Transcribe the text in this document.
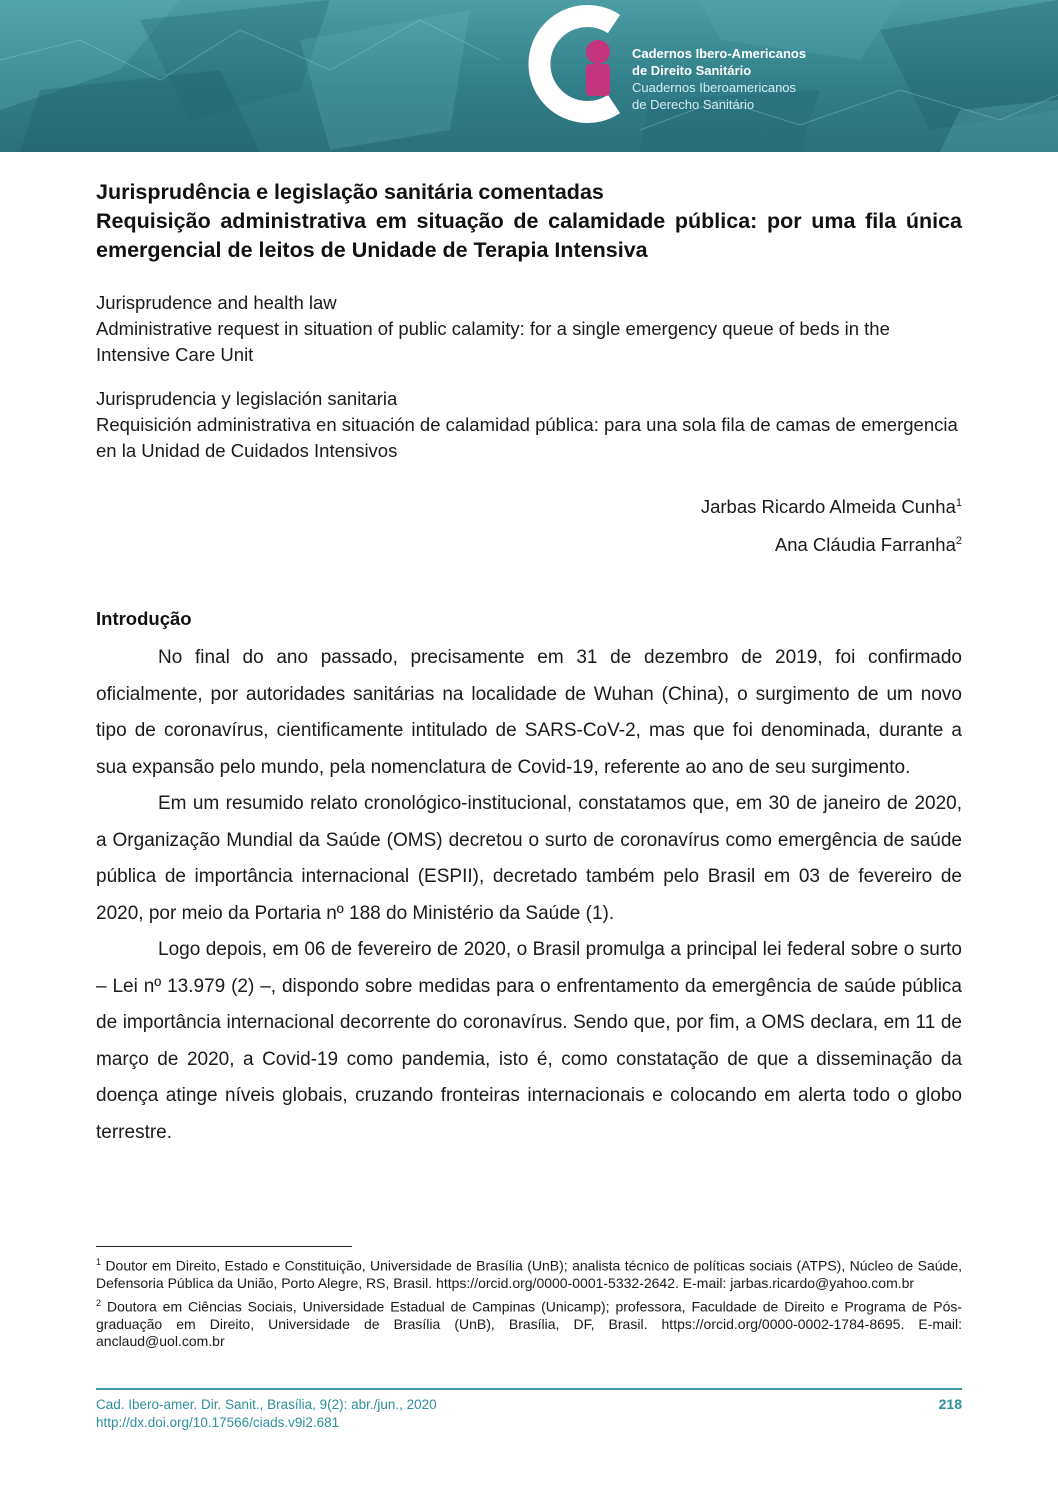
Cadernos Ibero-Americanos
de Direito Sanitário
Cuadernos Iberoamericanos
de Derecho Sanitário
Jurisprudência e legislação sanitária comentadas
Requisição administrativa em situação de calamidade pública: por uma fila única emergencial de leitos de Unidade de Terapia Intensiva
Jurisprudence and health law
Administrative request in situation of public calamity: for a single emergency queue of beds in the Intensive Care Unit
Jurisprudencia y legislación sanitaria
Requisición administrativa en situación de calamidad pública: para una sola fila de camas de emergencia en la Unidad de Cuidados Intensivos
Jarbas Ricardo Almeida Cunha$^1$
Ana Cláudia Farranha$^2$
Introdução

No final do ano passado, precisamente em 31 de dezembro de 2019, foi confirmado oficialmente, por autoridades sanitárias na localidade de Wuhan (China), o surgimento de um novo tipo de coronavírus, cientificamente intitulado de SARS-CoV-2, mas que foi denominada, durante a sua expansão pelo mundo, pela nomenclatura de Covid-19, referente ao ano de seu surgimento.

Em um resumido relato cronológico-institucional, constatamos que, em 30 de janeiro de 2020, a Organização Mundial da Saúde (OMS) decretou o surto de coronavírus como emergência de saúde pública de importância internacional (ESPII), decretado também pelo Brasil em 03 de fevereiro de 2020, por meio da Portaria nº 188 do Ministério da Saúde (1).

Logo depois, em 06 de fevereiro de 2020, o Brasil promulga a principal lei federal sobre o surto – Lei nº 13.979 (2) –, dispondo sobre medidas para o enfrentamento da emergência de saúde pública de importância internacional decorrente do coronavírus. Sendo que, por fim, a OMS declara, em 11 de março de 2020, a Covid-19 como pandemia, isto é, como constatação de que a disseminação da doença atinge níveis globais, cruzando fronteiras internacionais e colocando em alerta todo o globo terrestre.

$^1$ Doutor em Direito, Estado e Constituição, Universidade de Brasília (UnB); analista técnico de políticas sociais (ATPS), Núcleo de Saúde, Defensoria Pública da União, Porto Alegre, RS, Brasil. https://orcid.org/0000-0001-5332-2642. E-mail: jarbas.ricardo@yahoo.com.br

$^2$ Doutora em Ciências Sociais, Universidade Estadual de Campinas (Unicamp); professora, Faculdade de Direito e Programa de Pós-graduação em Direito, Universidade de Brasília (UnB), Brasília, DF, Brasil. https://orcid.org/0000-0002-1784-8695. E-mail: anclaud@uol.com.br

Cad. Ibero-amer. Dir. Sanit., Brasília, 9(2): abr./jun., 2020
http://dx.doi.org/10.17566/ciads.v9i2.681
218
